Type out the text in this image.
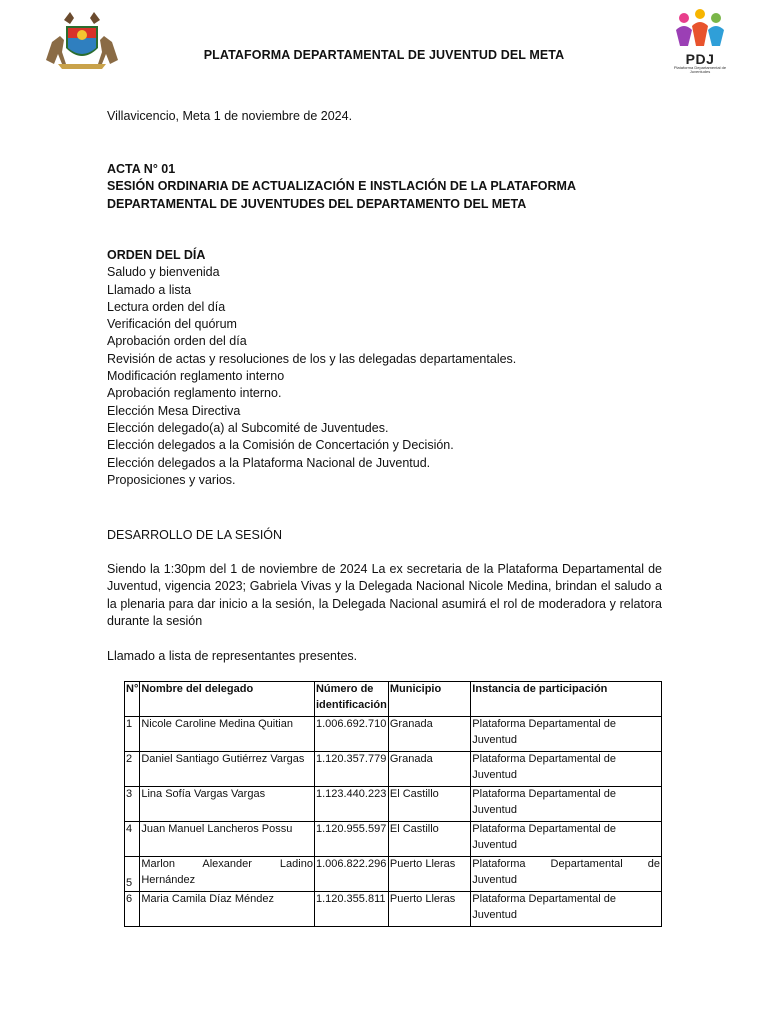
PLATAFORMA DEPARTAMENTAL DE JUVENTUD DEL META	PDJ
Plataforma Departamental de Juventudes
Villavicencio, Meta 1 de noviembre de 2024.
ACTA N° 01
SESIÓN ORDINARIA DE ACTUALIZACIÓN E INSTLACIÓN DE LA PLATAFORMA DEPARTAMENTAL DE JUVENTUDES DEL DEPARTAMENTO DEL META
ORDEN DEL DÍA
Saludo y bienvenida
Llamado a lista
Lectura orden del día
Verificación del quórum
Aprobación orden del día
Revisión de actas y resoluciones de los y las delegadas departamentales.
Modificación reglamento interno
Aprobación reglamento interno.
Elección Mesa Directiva
Elección delegado(a) al Subcomité de Juventudes.
Elección delegados a la Comisión de Concertación y Decisión.
Elección delegados a la Plataforma Nacional de Juventud.
Proposiciones y varios.
DESARROLLO DE LA SESIÓN
Siendo la 1:30pm del 1 de noviembre de 2024 La ex secretaria de la Plataforma Departamental de Juventud, vigencia 2023; Gabriela Vivas y la Delegada Nacional Nicole Medina, brindan el saludo a la plenaria para dar inicio a la sesión, la Delegada Nacional asumirá el rol de moderadora y relatora durante la sesión
Llamado a lista de representantes presentes.
N°	Nombre del delegado	Número de identificación	Municipio	Instancia de participación
1	Nicole Caroline Medina Quitian	1.006.692.710	Granada	Plataforma Departamental de Juventud
2	Daniel Santiago Gutiérrez Vargas	1.120.357.779	Granada	Plataforma Departamental de Juventud
3	Lina Sofía Vargas Vargas	1.123.440.223	El Castillo	Plataforma Departamental de Juventud
4	Juan Manuel Lancheros Possu	1.120.955.597	El Castillo	Plataforma Departamental de Juventud
5	Marlon Alexander Ladino Hernández	1.006.822.296	Puerto Lleras	Plataforma Departamental de Juventud
6	Maria Camila Díaz Méndez	1.120.355.811	Puerto Lleras	Plataforma Departamental de Juventud
